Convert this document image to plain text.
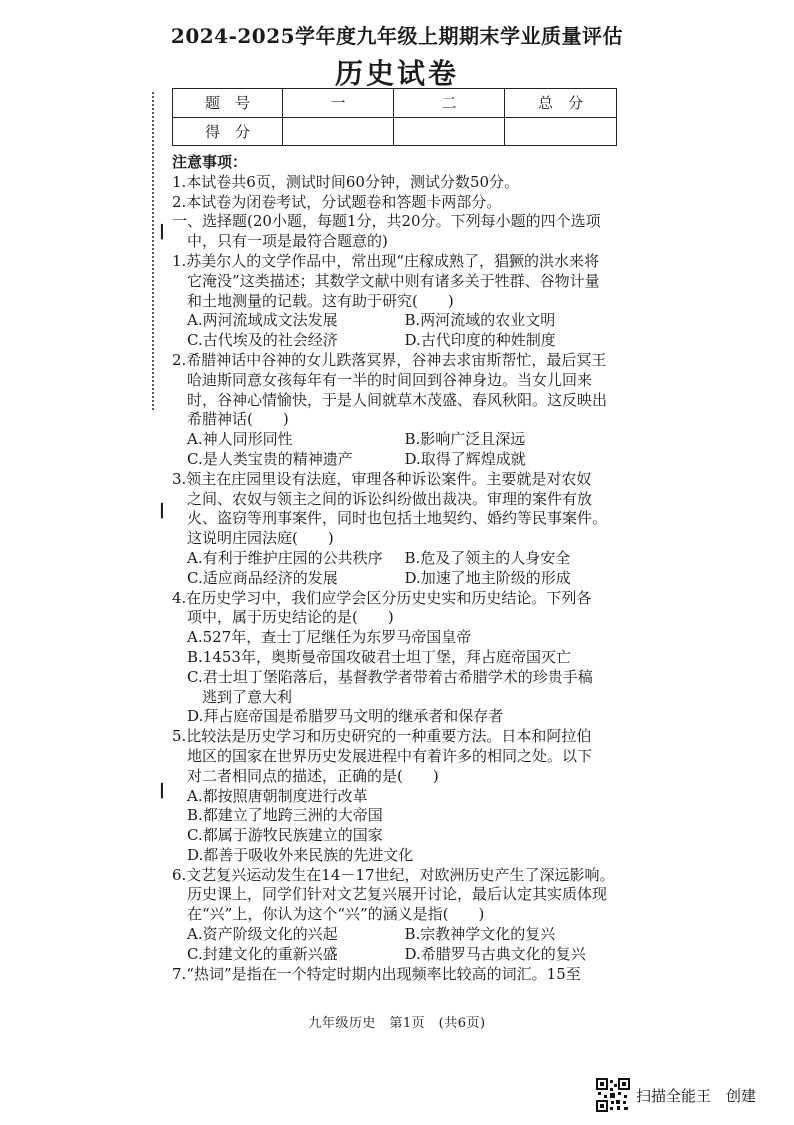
2024-2025学年度九年级上期期末学业质量评估
历史试卷
┃
┃
┃
题　号	一	二	总　分
得　分			
注意事项：
1.本试卷共6页，测试时间60分钟，测试分数50分。
2.本试卷为闭卷考试，分试题卷和答题卡两部分。
一、选择题(20小题，每题1分，共20分。下列每小题的四个选项
中，只有一项是最符合题意的)
1.苏美尔人的文学作品中，常出现“庄稼成熟了，猖獗的洪水来将
它淹没”这类描述；其数学文献中则有诸多关于牲群、谷物计量
和土地测量的记载。这有助于研究(　　)
A.两河流域成文法发展	B.两河流域的农业文明
C.古代埃及的社会经济	D.古代印度的种姓制度
2.希腊神话中谷神的女儿跌落冥界，谷神去求宙斯帮忙，最后冥王
哈迪斯同意女孩每年有一半的时间回到谷神身边。当女儿回来
时，谷神心情愉快，于是人间就草木茂盛、春风秋阳。这反映出
希腊神话(　　)
A.神人同形同性	B.影响广泛且深远
C.是人类宝贵的精神遗产	D.取得了辉煌成就
3.领主在庄园里设有法庭，审理各种诉讼案件。主要就是对农奴
之间、农奴与领主之间的诉讼纠纷做出裁决。审理的案件有放
火、盗窃等刑事案件，同时也包括土地契约、婚约等民事案件。
这说明庄园法庭(　　)
A.有利于维护庄园的公共秩序	B.危及了领主的人身安全
C.适应商品经济的发展	D.加速了地主阶级的形成
4.在历史学习中，我们应学会区分历史史实和历史结论。下列各
项中，属于历史结论的是(　　)
A.527年，查士丁尼继任为东罗马帝国皇帝
B.1453年，奥斯曼帝国攻破君士坦丁堡，拜占庭帝国灭亡
C.君士坦丁堡陷落后，基督教学者带着古希腊学术的珍贵手稿
逃到了意大利
D.拜占庭帝国是希腊罗马文明的继承者和保存者
5.比较法是历史学习和历史研究的一种重要方法。日本和阿拉伯
地区的国家在世界历史发展进程中有着许多的相同之处。以下
对二者相同点的描述，正确的是(　　)
A.都按照唐朝制度进行改革
B.都建立了地跨三洲的大帝国
C.都属于游牧民族建立的国家
D.都善于吸收外来民族的先进文化
6.文艺复兴运动发生在14－17世纪，对欧洲历史产生了深远影响。
历史课上，同学们针对文艺复兴展开讨论，最后认定其实质体现
在“兴”上，你认为这个“兴”的涵义是指(　　)
A.资产阶级文化的兴起	B.宗教神学文化的复兴
C.封建文化的重新兴盛	D.希腊罗马古典文化的复兴
7.“热词”是指在一个特定时期内出现频率比较高的词汇。15至
九年级历史　第1页　(共6页)
扫描全能王　创建
